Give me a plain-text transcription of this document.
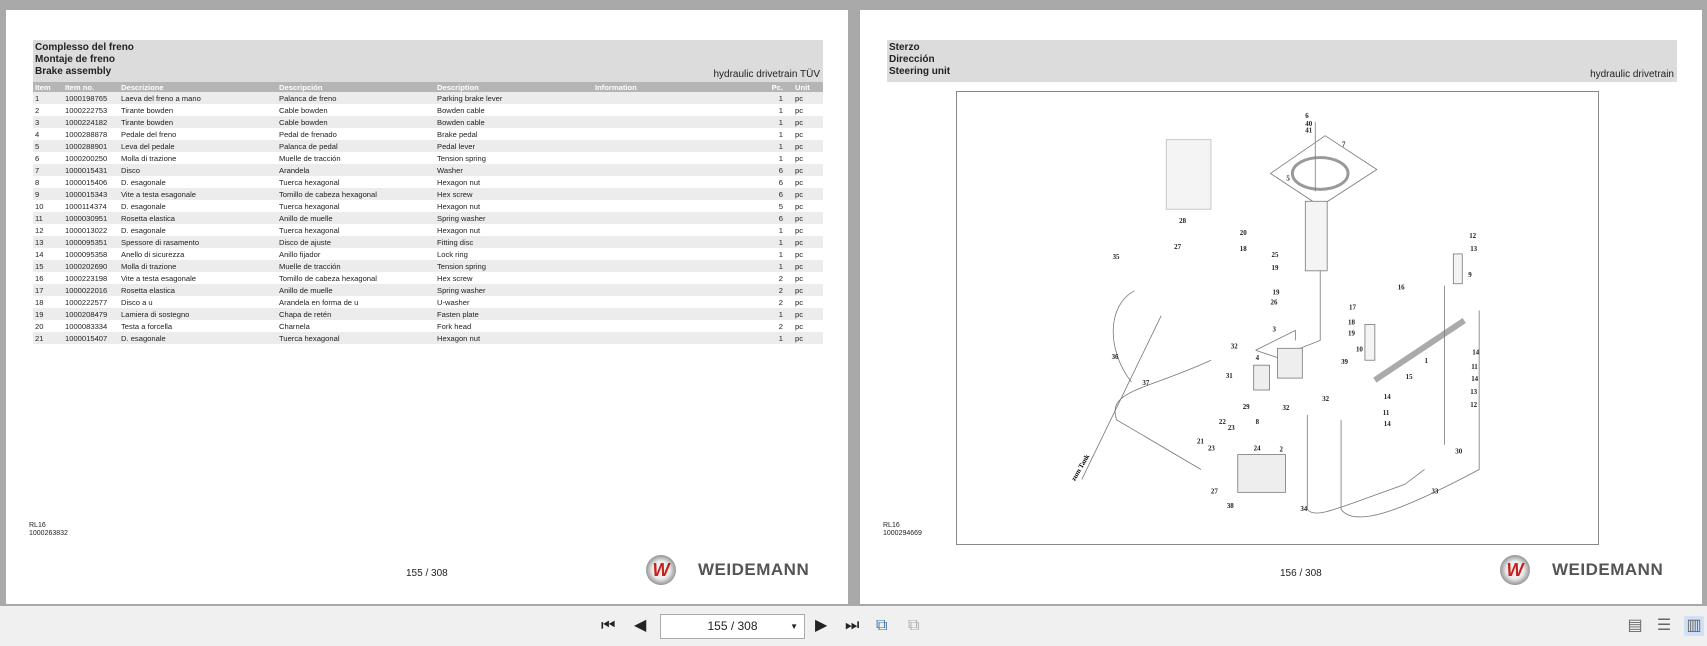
Complesso del freno
Montaje de freno
Brake assembly	hydraulic drivetrain TÜV
Item	Item no.	Descrizione	Descripción	Description	Information	Pc.	Unit
1	1000198765	Laeva del freno a mano	Palanca de freno	Parking brake lever		1	pc
2	1000222753	Tirante bowden	Cable bowden	Bowden cable		1	pc
3	1000224182	Tirante bowden	Cable bowden	Bowden cable		1	pc
4	1000288878	Pedale del freno	Pedal de frenado	Brake pedal		1	pc
5	1000288901	Leva del pedale	Palanca de pedal	Pedal lever		1	pc
6	1000200250	Molla di trazione	Muelle de tracción	Tension spring		1	pc
7	1000015431	Disco	Arandela	Washer		6	pc
8	1000015406	D. esagonale	Tuerca hexagonal	Hexagon nut		6	pc
9	1000015343	Vite a testa esagonale	Tomillo de cabeza hexagonal	Hex screw		6	pc
10	1000114374	D. esagonale	Tuerca hexagonal	Hexagon nut		5	pc
11	1000030951	Rosetta elastica	Anillo de muelle	Spring washer		6	pc
12	1000013022	D. esagonale	Tuerca hexagonal	Hexagon nut		1	pc
13	1000095351	Spessore di rasamento	Disco de ajuste	Fitting disc		1	pc
14	1000095358	Anello di sicurezza	Anillo fijador	Lock ring		1	pc
15	1000202690	Molla di trazione	Muelle de tracción	Tension spring		1	pc
16	1000223198	Vite a testa esagonale	Tomillo de cabeza hexagonal	Hex screw		2	pc
17	1000022016	Rosetta elastica	Anillo de muelle	Spring washer		2	pc
18	1000222577	Disco a u	Arandela en forma de u	U-washer		2	pc
19	1000208479	Lamiera di sostegno	Chapa de retén	Fasten plate		1	pc
20	1000083334	Testa a forcella	Charnela	Fork head		2	pc
21	1000015407	D. esagonale	Tuerca hexagonal	Hexagon nut		1	pc
RL16
1000263832
155 / 308	W	WEIDEMANN
Sterzo
Dirección
Steering unit	hydraulic drivetrain
zum Tank
6
40
41
7
5
28
27
20
18
25
19
19
26
35
12
13
9
16
17
18
19
10
3
32
4
31
36
37
1
14
11
14
13
12
15
39
14
11
14
29	32
32
22
23
8
21
23	24	2	30
27
38	34
33
RL16
1000294669
156 / 308	W	WEIDEMANN
⏮ ◀	155 / 308	▼ ▶ ⏭ ⧉ ⧉	▤ ☰ ▥
